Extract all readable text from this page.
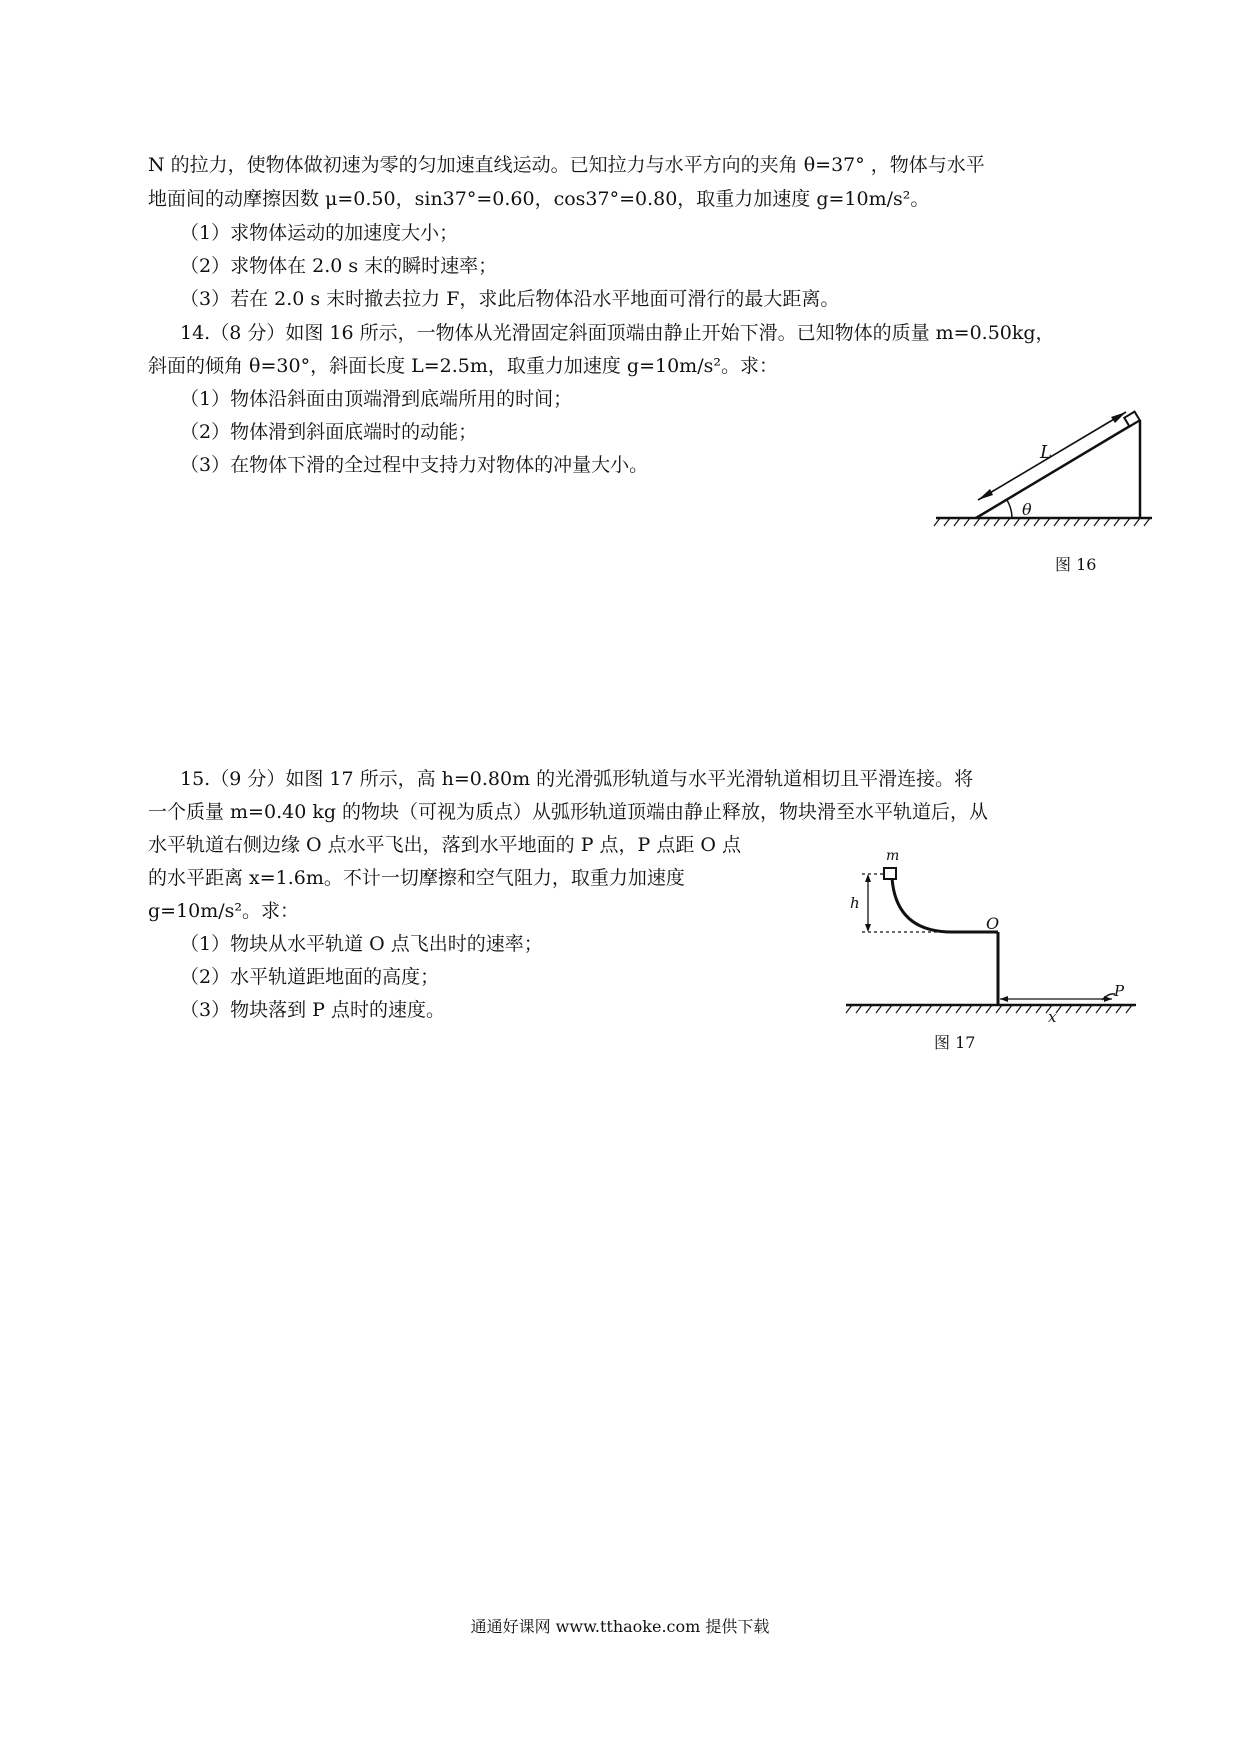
N 的拉力，使物体做初速为零的匀加速直线运动。已知拉力与水平方向的夹角 θ=37° ，物体与水平
地面间的动摩擦因数 μ=0.50，sin37°=0.60，cos37°=0.80，取重力加速度 g=10m/s²。
（1）求物体运动的加速度大小；
（2）求物体在 2.0 s 末的瞬时速率；
（3）若在 2.0 s 末时撤去拉力 F，求此后物体沿水平地面可滑行的最大距离。
14.（8 分）如图 16 所示，一物体从光滑固定斜面顶端由静止开始下滑。已知物体的质量 m=0.50kg，
斜面的倾角 θ=30°，斜面长度 L=2.5m，取重力加速度 g=10m/s²。求：
（1）物体沿斜面由顶端滑到底端所用的时间；
（2）物体滑到斜面底端时的动能；
（3）在物体下滑的全过程中支持力对物体的冲量大小。
L
θ
图 16
15.（9 分）如图 17 所示，高 h=0.80m 的光滑弧形轨道与水平光滑轨道相切且平滑连接。将
一个质量 m=0.40 kg 的物块（可视为质点）从弧形轨道顶端由静止释放，物块滑至水平轨道后，从
水平轨道右侧边缘 O 点水平飞出，落到水平地面的 P 点，P 点距 O 点
的水平距离 x=1.6m。不计一切摩擦和空气阻力，取重力加速度
g=10m/s²。求：
（1）物块从水平轨道 O 点飞出时的速率；
（2）水平轨道距地面的高度；
（3）物块落到 P 点时的速度。
m
h
O
P
x
图 17
通通好课网 www.tthaoke.com 提供下载
